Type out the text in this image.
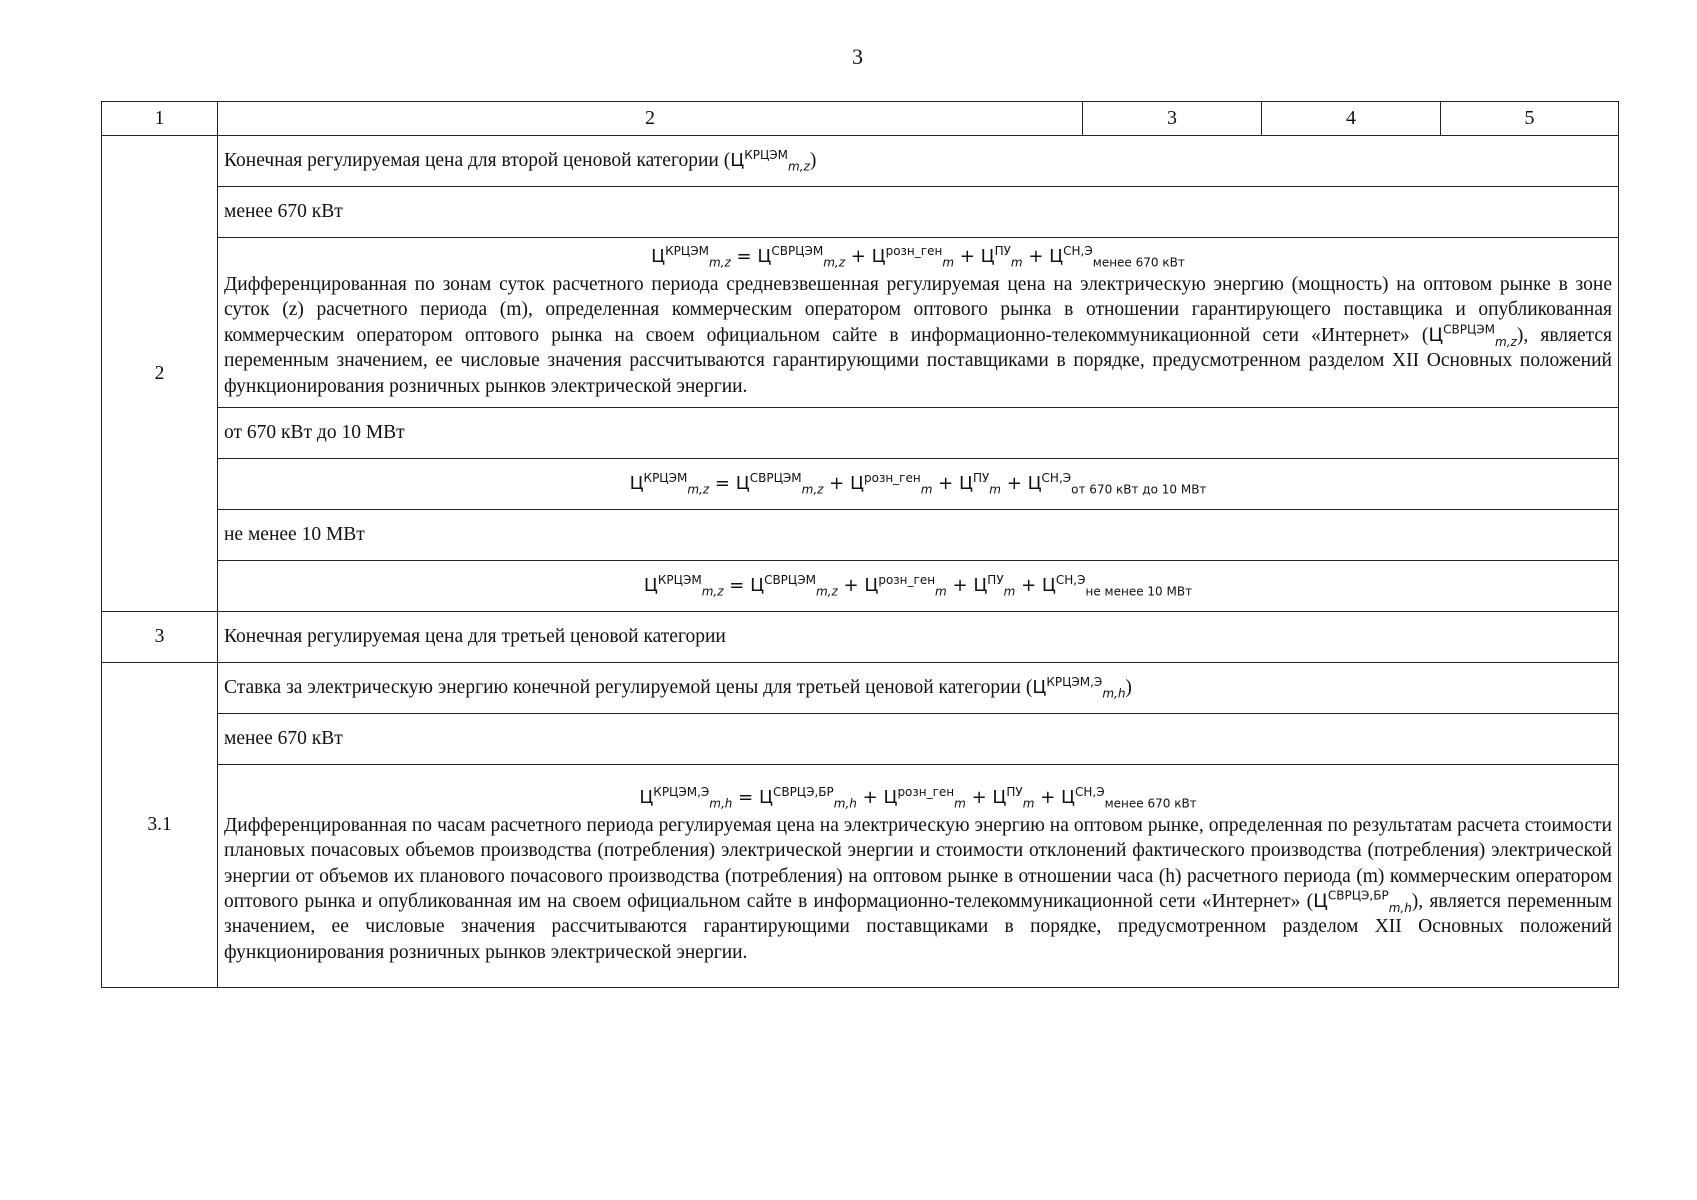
3
1	2	3	4	5
2	Конечная регулируемая цена для второй ценовой категории $(Ц^{КРЦЭМ}_{m,z})$			
	менее 670 кВт			

	$Ц^{КРЦЭМ}_{m,z} = Ц^{СВРЦЭМ}_{m,z} + Ц^{розн\_ген}_m + Ц^{ПУ}_m + Ц^{СН,Э}_{менее 670 кВт}$
Дифференцированная по зонам суток расчетного периода средневзвешенная регулируемая цена на электрическую энергию (мощность) на оптовом рынке в зоне суток (z) расчетного периода (m), определенная коммерческим оператором оптового рынка в отношении гарантирующего поставщика и опубликованная коммерческим оператором оптового рынка на своем официальном сайте в информационно-телекоммуникационной сети «Интернет» $(Ц^{СВРЦЭМ}_{m,z})$, является переменным значением, ее числовые значения рассчитываются гарантирующими поставщиками в порядке, предусмотренном разделом XII Основных положений функционирования розничных рынков электрической энергии.			

	от 670 кВт до 10 МВт			
	$Ц^{КРЦЭМ}_{m,z} = Ц^{СВРЦЭМ}_{m,z} + Ц^{розн\_ген}_m + Ц^{ПУ}_m + Ц^{СН,Э}_{от 670 кВт до 10 МВт}$
	не менее 10 МВт			
	$Ц^{КРЦЭМ}_{m,z} = Ц^{СВРЦЭМ}_{m,z} + Ц^{розн\_ген}_m + Ц^{ПУ}_m + Ц^{СН,Э}_{не менее 10 МВт}$
3	Конечная регулируемая цена для третьей ценовой категории			
3.1	Ставка за электрическую энергию конечной регулируемой цены для третьей ценовой категории $(Ц^{КРЦЭМ,Э}_{m,h})$			
	менее 670 кВт			

	$Ц^{КРЦЭМ,Э}_{m,h} = Ц^{СВРЦЭ,БР}_{m,h} + Ц^{розн\_ген}_m + Ц^{ПУ}_m + Ц^{СН,Э}_{менее 670 кВт}$
Дифференцированная по часам расчетного периода регулируемая цена на электрическую энергию на оптовом рынке, определенная по результатам расчета стоимости плановых почасовых объемов производства (потребления) электрической энергии и стоимости отклонений фактического производства (потребления) электрической энергии от объемов их планового почасового производства (потребления) на оптовом рынке в отношении часа (h) расчетного периода (m) коммерческим оператором оптового рынка и опубликованная им на своем официальном сайте в информационно-телекоммуникационной сети «Интернет» $(Ц^{СВРЦЭ,БР}_{m,h})$, является переменным значением, ее числовые значения рассчитываются гарантирующими поставщиками в порядке, предусмотренном разделом XII Основных положений функционирования розничных рынков электрической энергии.			
